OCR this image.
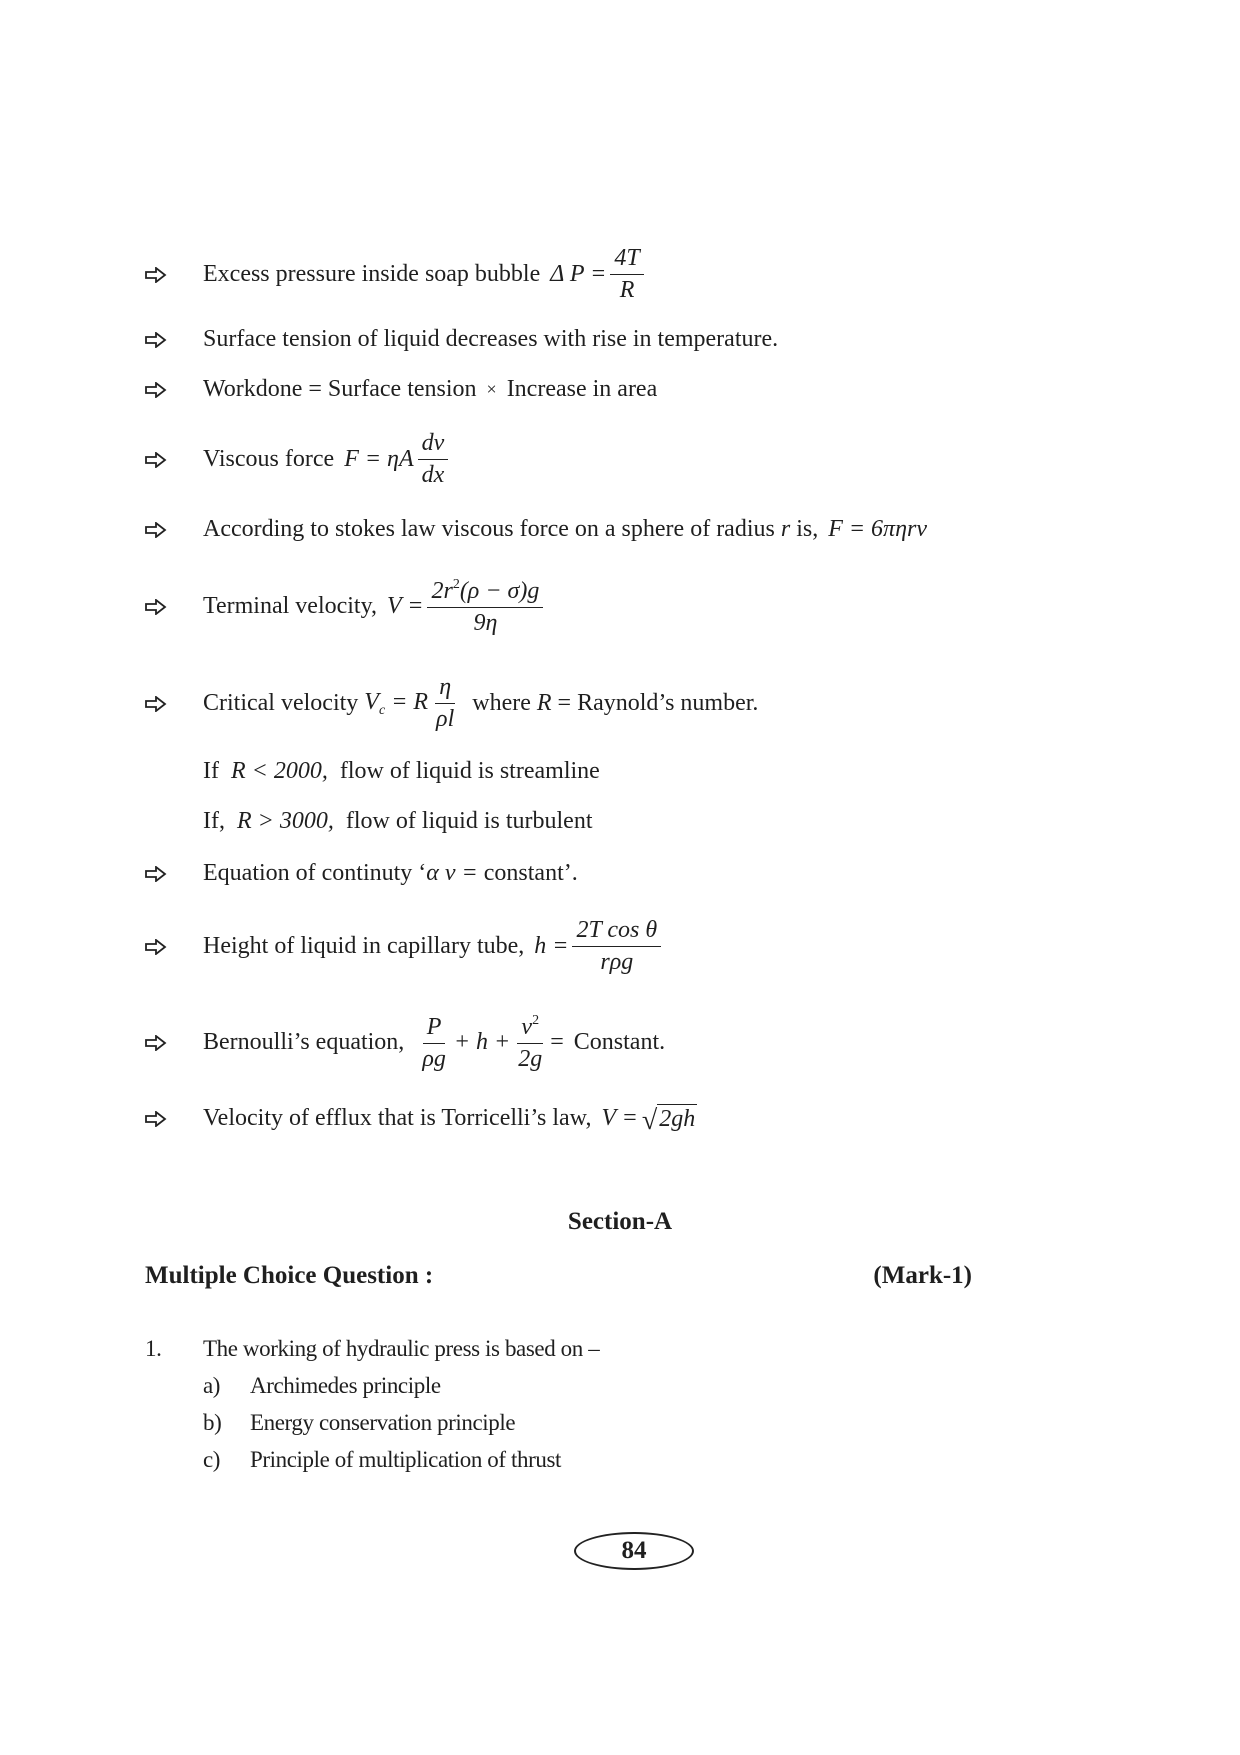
Excess pressure inside soap bubble Δ $P = \frac{4T}{R}$
Surface tension of liquid decreases with rise in temperature.
Workdone = Surface tension × Increase in area
Viscous force F = ηA $\frac{dv}{dx}$
According to stokes law viscous force on a sphere of radius r is, F = 6πηrv
Terminal velocity, $V = \frac{2r^2(\rho - \sigma)g}{9\eta}$
Critical velocity $V_c = R \frac{\eta}{\rho l}$ where R = Raynold’s number.
If R < 2000, flow of liquid is streamline
If, R > 3000, flow of liquid is turbulent
Equation of continuty ‘ α v = constant’.
Height of liquid in capillary tube, $h = \frac{\text{2T cos θ}}{\text{rρg}}$
Bernoulli’s equation, $\frac{P}{\rho g} + h + \frac{v^2}{2g}$ = Constant.
Velocity of efflux that is Torricelli’s law, V = √ 2gh
Section-A
Multiple Choice Question :	(Mark-1)
1. The working of hydraulic press is based on –
a) Archimedes principle
b) Energy conservation principle
c) Principle of multiplication of thrust
84
